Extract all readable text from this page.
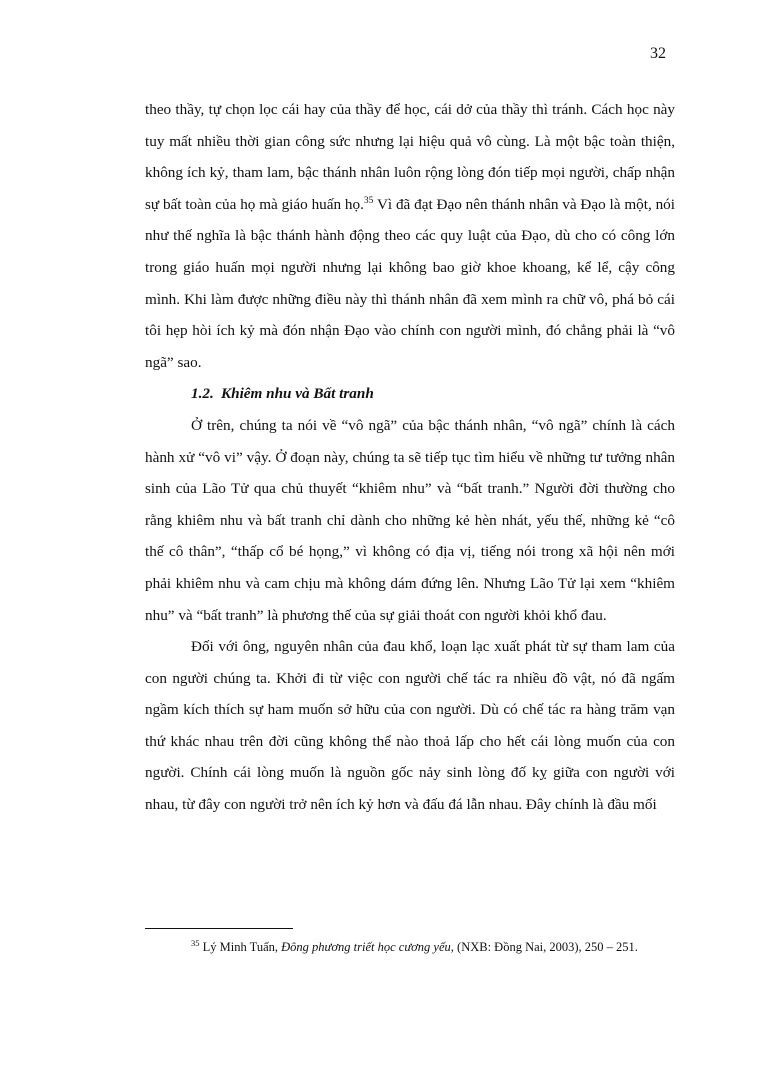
32

theo thầy, tự chọn lọc cái hay của thầy để học, cái dở của thầy thì tránh. Cách học này tuy mất nhiều thời gian công sức nhưng lại hiệu quả vô cùng. Là một bậc toàn thiện, không ích kỷ, tham lam, bậc thánh nhân luôn rộng lòng đón tiếp mọi người, chấp nhận sự bất toàn của họ mà giáo huấn họ.$^{35}$ Vì đã đạt Đạo nên thánh nhân và Đạo là một, nói như thế nghĩa là bậc thánh hành động theo các quy luật của Đạo, dù cho có công lớn trong giáo huấn mọi người nhưng lại không bao giờ khoe khoang, kể lể, cậy công mình. Khi làm được những điều này thì thánh nhân đã xem mình ra chữ vô, phá bỏ cái tôi hẹp hòi ích kỷ mà đón nhận Đạo vào chính con người mình, đó chẳng phải là “vô ngã” sao.

1.2. Khiêm nhu và Bất tranh

Ở trên, chúng ta nói về “vô ngã” của bậc thánh nhân, “vô ngã” chính là cách hành xử “vô vi” vậy. Ở đoạn này, chúng ta sẽ tiếp tục tìm hiểu về những tư tưởng nhân sinh của Lão Tử qua chủ thuyết “khiêm nhu” và “bất tranh.” Người đời thường cho rằng khiêm nhu và bất tranh chỉ dành cho những kẻ hèn nhát, yếu thế, những kẻ “cô thế cô thân”, “thấp cổ bé họng,” vì không có địa vị, tiếng nói trong xã hội nên mới phải khiêm nhu và cam chịu mà không dám đứng lên. Nhưng Lão Tử lại xem “khiêm nhu” và “bất tranh” là phương thế của sự giải thoát con người khỏi khổ đau.

Đối với ông, nguyên nhân của đau khổ, loạn lạc xuất phát từ sự tham lam của con người chúng ta. Khởi đi từ việc con người chế tác ra nhiều đồ vật, nó đã ngấm ngầm kích thích sự ham muốn sở hữu của con người. Dù có chế tác ra hàng trăm vạn thứ khác nhau trên đời cũng không thể nào thoả lấp cho hết cái lòng muốn của con người. Chính cái lòng muốn là nguồn gốc nảy sinh lòng đố kỵ giữa con người với nhau, từ đây con người trở nên ích kỷ hơn và đấu đá lẫn nhau. Đây chính là đầu mối

$^{35}$ Lý Minh Tuấn, Đông phương triết học cương yếu, (NXB: Đồng Nai, 2003), 250 – 251.
